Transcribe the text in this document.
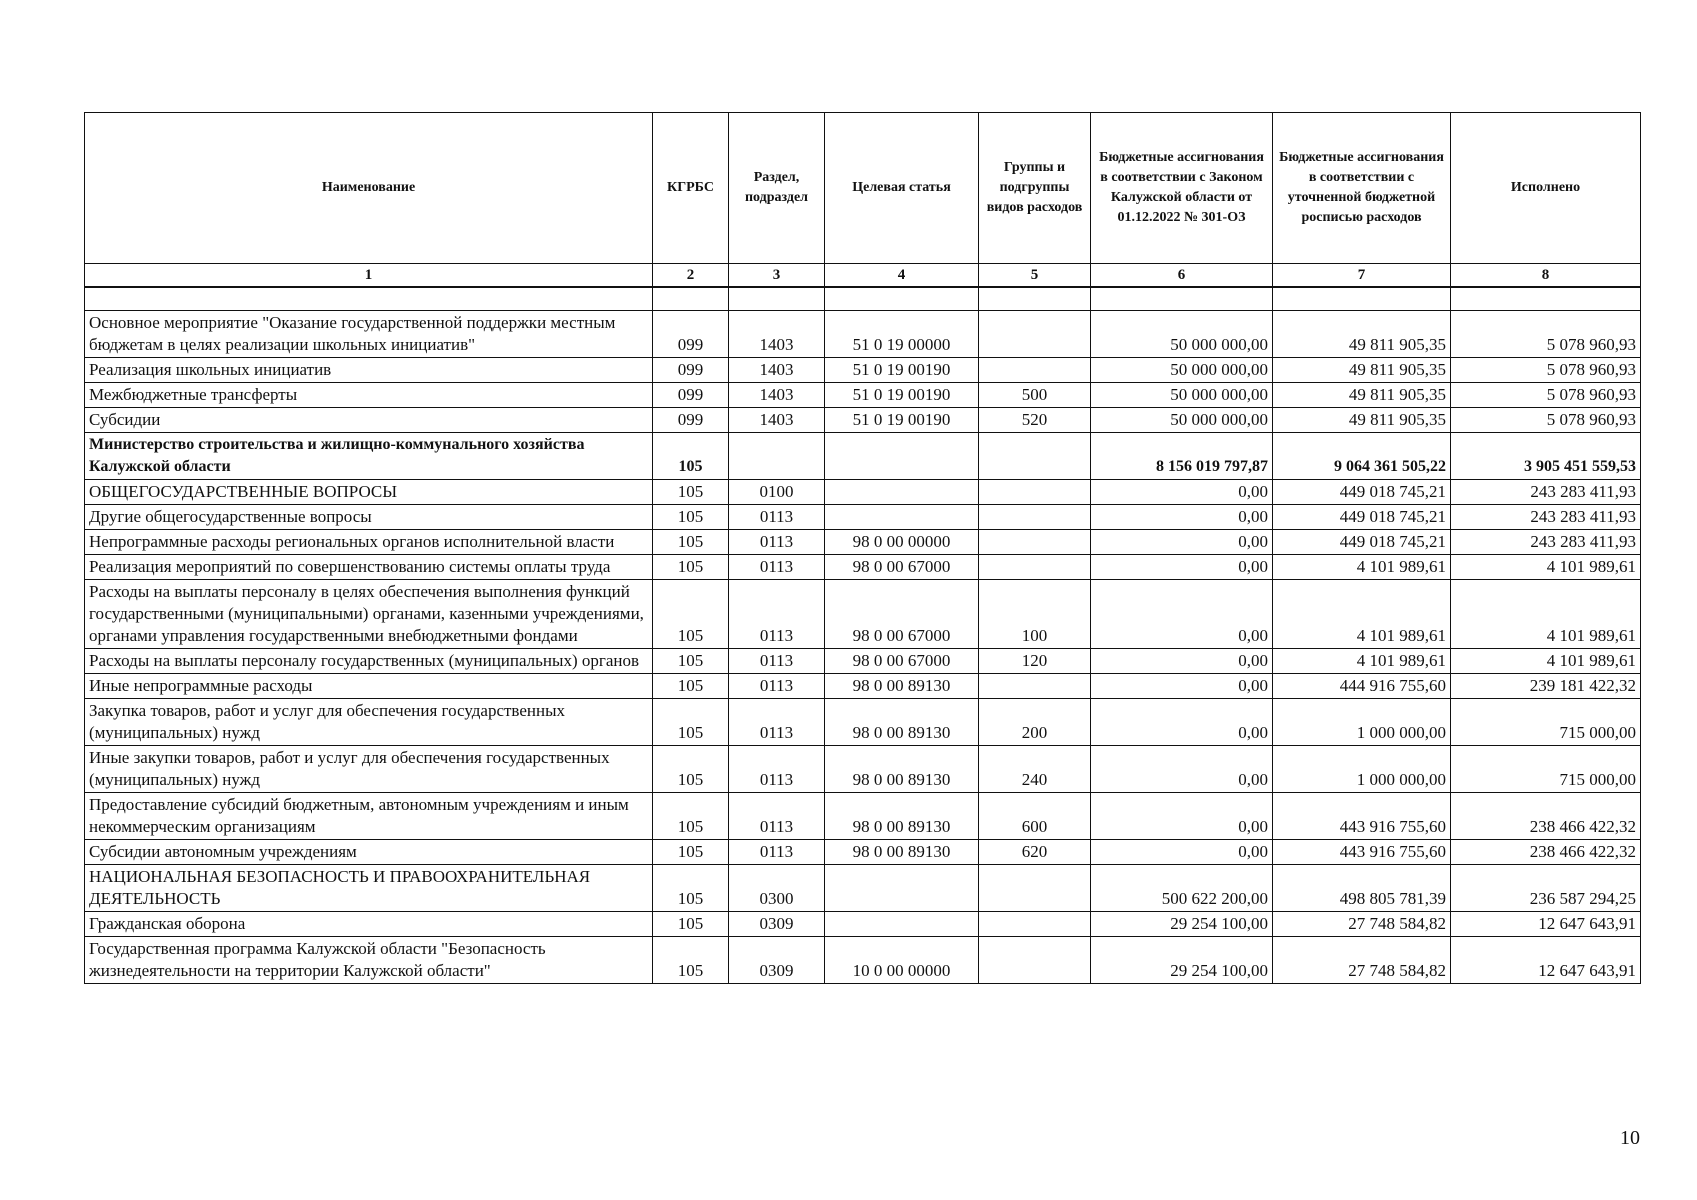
Наименование	КГРБС	Раздел, подраздел	Целевая статья	Группы и подгруппы видов расходов	Бюджетные ассигнования в соответствии с Законом Калужской области от 01.12.2022 № 301-ОЗ	Бюджетные ассигнования в соответствии с уточненной бюджетной росписью расходов	Исполнено
1	2	3	4	5	6	7	8

Основное мероприятие "Оказание государственной поддержки местным бюджетам в целях реализации школьных инициатив"	099	1403	51 0 19 00000		50 000 000,00	49 811 905,35	5 078 960,93
Реализация школьных инициатив	099	1403	51 0 19 00190		50 000 000,00	49 811 905,35	5 078 960,93
Межбюджетные трансферты	099	1403	51 0 19 00190	500	50 000 000,00	49 811 905,35	5 078 960,93
Субсидии	099	1403	51 0 19 00190	520	50 000 000,00	49 811 905,35	5 078 960,93
Министерство строительства и жилищно-коммунального хозяйства Калужской области	105				8 156 019 797,87	9 064 361 505,22	3 905 451 559,53
ОБЩЕГОСУДАРСТВЕННЫЕ ВОПРОСЫ	105	0100			0,00	449 018 745,21	243 283 411,93
Другие общегосударственные вопросы	105	0113			0,00	449 018 745,21	243 283 411,93
Непрограммные расходы региональных органов исполнительной власти	105	0113	98 0 00 00000		0,00	449 018 745,21	243 283 411,93
Реализация мероприятий по совершенствованию системы оплаты труда	105	0113	98 0 00 67000		0,00	4 101 989,61	4 101 989,61
Расходы на выплаты персоналу в целях обеспечения выполнения функций государственными (муниципальными) органами, казенными учреждениями, органами управления государственными внебюджетными фондами	105	0113	98 0 00 67000	100	0,00	4 101 989,61	4 101 989,61
Расходы на выплаты персоналу государственных (муниципальных) органов	105	0113	98 0 00 67000	120	0,00	4 101 989,61	4 101 989,61
Иные непрограммные расходы	105	0113	98 0 00 89130		0,00	444 916 755,60	239 181 422,32
Закупка товаров, работ и услуг для обеспечения государственных (муниципальных) нужд	105	0113	98 0 00 89130	200	0,00	1 000 000,00	715 000,00
Иные закупки товаров, работ и услуг для обеспечения государственных (муниципальных) нужд	105	0113	98 0 00 89130	240	0,00	1 000 000,00	715 000,00
Предоставление субсидий бюджетным, автономным учреждениям и иным некоммерческим организациям	105	0113	98 0 00 89130	600	0,00	443 916 755,60	238 466 422,32
Субсидии автономным учреждениям	105	0113	98 0 00 89130	620	0,00	443 916 755,60	238 466 422,32
НАЦИОНАЛЬНАЯ БЕЗОПАСНОСТЬ И ПРАВООХРАНИТЕЛЬНАЯ ДЕЯТЕЛЬНОСТЬ	105	0300			500 622 200,00	498 805 781,39	236 587 294,25
Гражданская оборона	105	0309			29 254 100,00	27 748 584,82	12 647 643,91
Государственная программа Калужской области "Безопасность жизнедеятельности на территории Калужской области"	105	0309	10 0 00 00000		29 254 100,00	27 748 584,82	12 647 643,91
10
